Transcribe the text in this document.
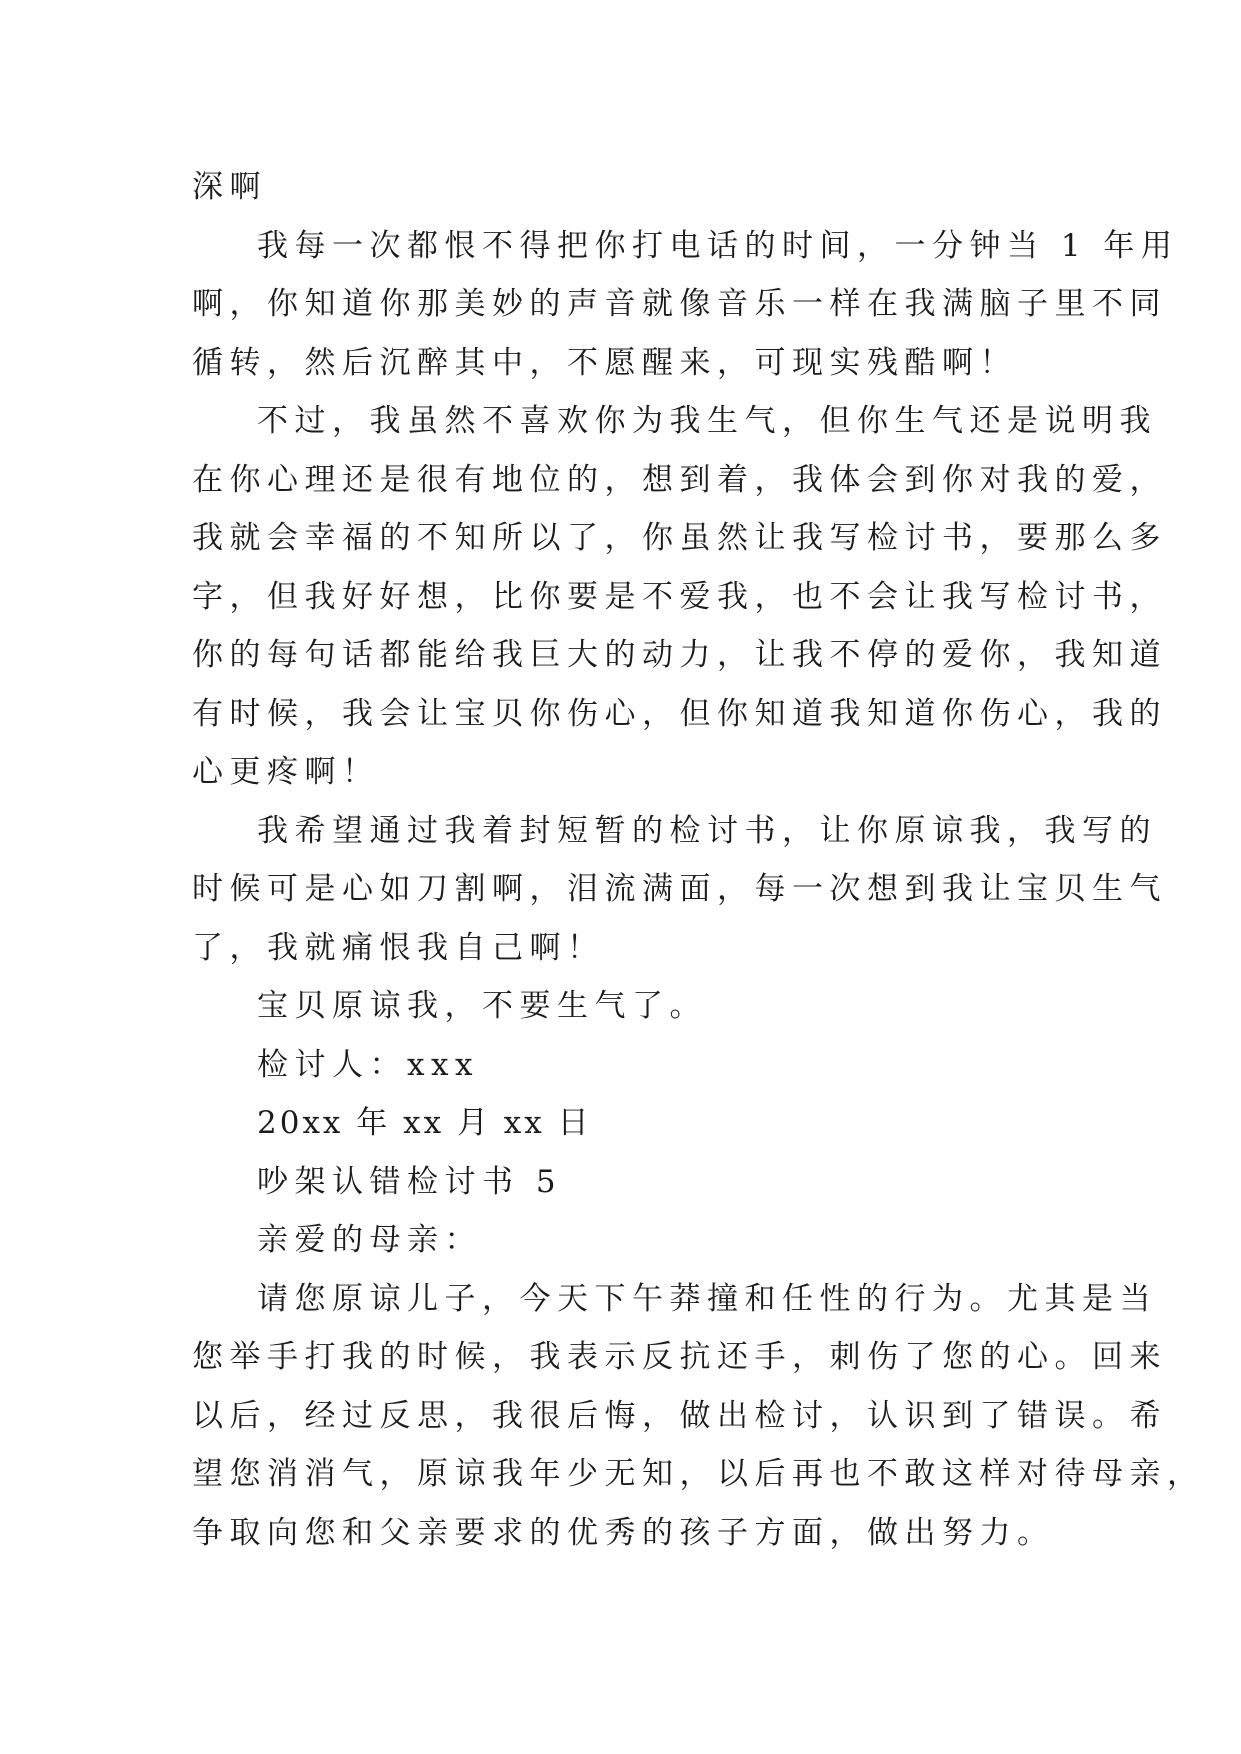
深啊
我每一次都恨不得把你打电话的时间，一分钟当 1 年用
啊，你知道你那美妙的声音就像音乐一样在我满脑子里不同
循转，然后沉醉其中，不愿醒来，可现实残酷啊！
不过，我虽然不喜欢你为我生气，但你生气还是说明我
在你心理还是很有地位的，想到着，我体会到你对我的爱，
我就会幸福的不知所以了，你虽然让我写检讨书，要那么多
字，但我好好想，比你要是不爱我，也不会让我写检讨书，
你的每句话都能给我巨大的动力，让我不停的爱你，我知道
有时候，我会让宝贝你伤心，但你知道我知道你伤心，我的
心更疼啊！
我希望通过我着封短暂的检讨书，让你原谅我，我写的
时候可是心如刀割啊，泪流满面，每一次想到我让宝贝生气
了，我就痛恨我自己啊！
宝贝原谅我，不要生气了。
检讨人：xxx
20xx 年 xx 月 xx 日
吵架认错检讨书 5
亲爱的母亲：
请您原谅儿子，今天下午莽撞和任性的行为。尤其是当
您举手打我的时候，我表示反抗还手，刺伤了您的心。回来
以后，经过反思，我很后悔，做出检讨，认识到了错误。希
望您消消气，原谅我年少无知，以后再也不敢这样对待母亲，
争取向您和父亲要求的优秀的孩子方面，做出努力。
